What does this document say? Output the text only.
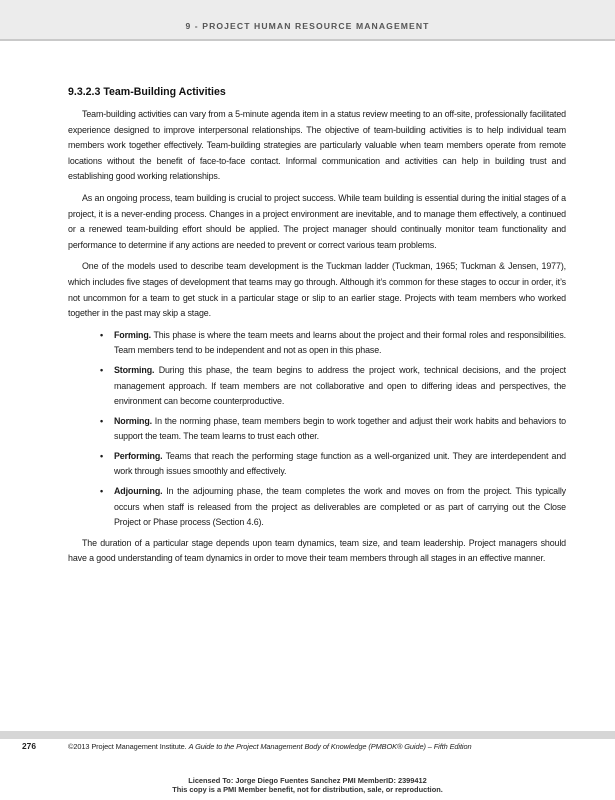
9 - PROJECT HUMAN RESOURCE MANAGEMENT
9.3.2.3 Team-Building Activities

Team-building activities can vary from a 5-minute agenda item in a status review meeting to an off-site, professionally facilitated experience designed to improve interpersonal relationships. The objective of team-building activities is to help individual team members work together effectively. Team-building strategies are particularly valuable when team members operate from remote locations without the benefit of face-to-face contact. Informal communication and activities can help in building trust and establishing good working relationships.

As an ongoing process, team building is crucial to project success. While team building is essential during the initial stages of a project, it is a never-ending process. Changes in a project environment are inevitable, and to manage them effectively, a continued or a renewed team-building effort should be applied. The project manager should continually monitor team functionality and performance to determine if any actions are needed to prevent or correct various team problems.

One of the models used to describe team development is the Tuckman ladder (Tuckman, 1965; Tuckman & Jensen, 1977), which includes five stages of development that teams may go through. Although it’s common for these stages to occur in order, it’s not uncommon for a team to get stuck in a particular stage or slip to an earlier stage. Projects with team members who worked together in the past may skip a stage.

• Forming. This phase is where the team meets and learns about the project and their formal roles and responsibilities. Team members tend to be independent and not as open in this phase.
• Storming. During this phase, the team begins to address the project work, technical decisions, and the project management approach. If team members are not collaborative and open to differing ideas and perspectives, the environment can become counterproductive.
• Norming. In the norming phase, team members begin to work together and adjust their work habits and behaviors to support the team. The team learns to trust each other.
• Performing. Teams that reach the performing stage function as a well-organized unit. They are interdependent and work through issues smoothly and effectively.
• Adjourning. In the adjourning phase, the team completes the work and moves on from the project. This typically occurs when staff is released from the project as deliverables are completed or as part of carrying out the Close Project or Phase process (Section 4.6).

The duration of a particular stage depends upon team dynamics, team size, and team leadership. Project managers should have a good understanding of team dynamics in order to move their team members through all stages in an effective manner.

276	©2013 Project Management Institute. A Guide to the Project Management Body of Knowledge (PMBOK® Guide) – Fifth Edition
Licensed To: Jorge Diego Fuentes Sanchez PMI MemberID: 2399412
This copy is a PMI Member benefit, not for distribution, sale, or reproduction.
